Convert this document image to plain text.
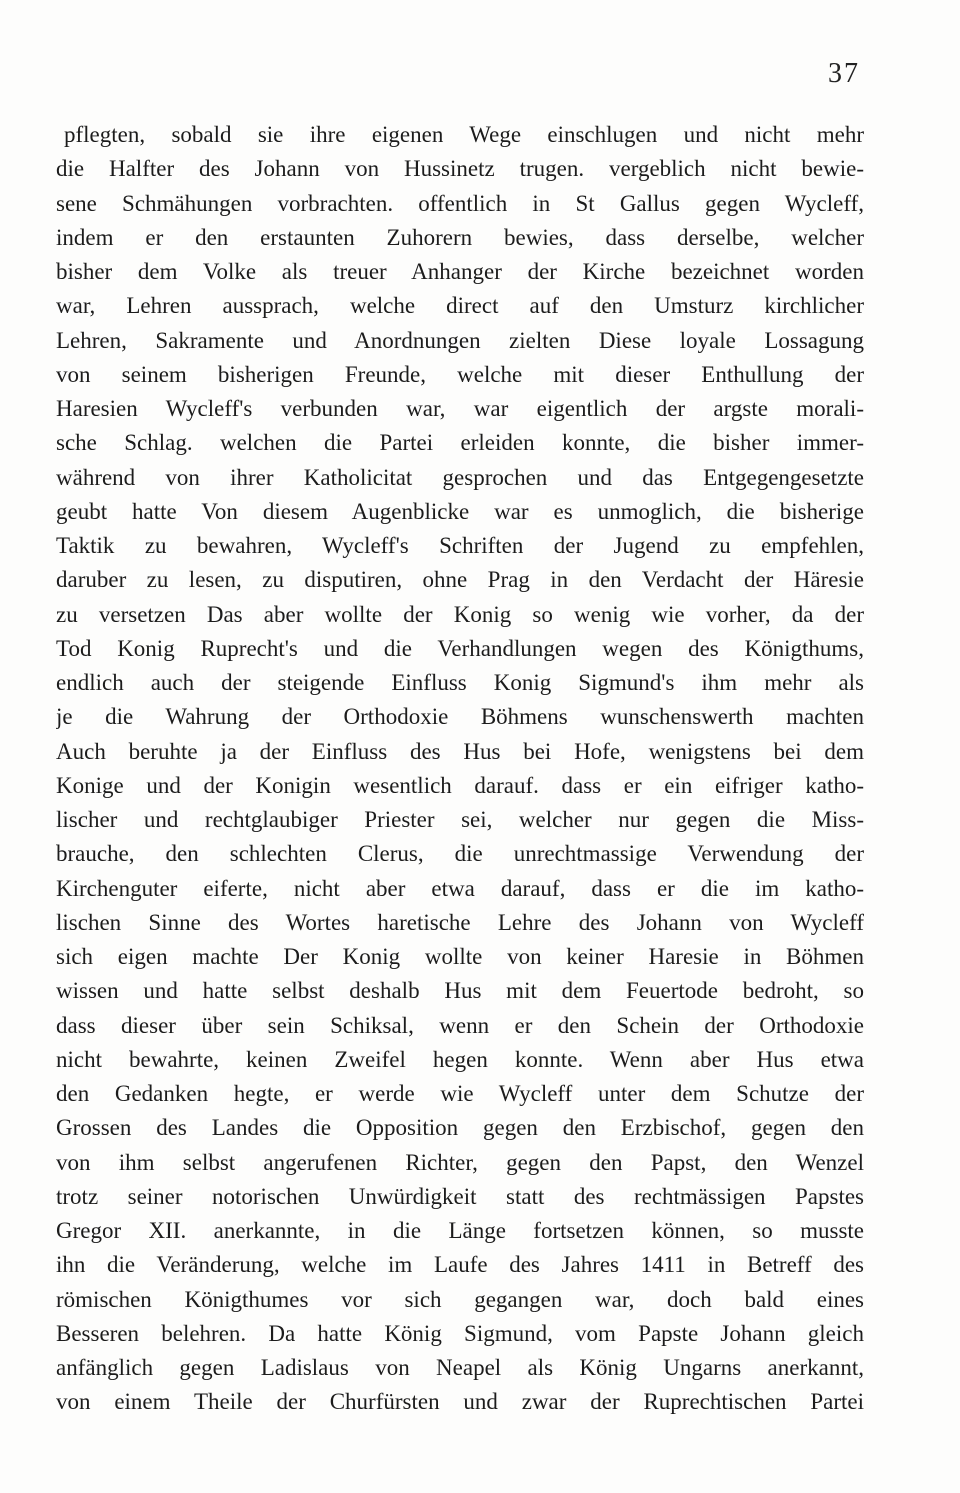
37
pflegten, sobald sie ihre eigenen Wege einschlugen und nicht mehr
die Halfter des Johann von Hussinetz trugen. vergeblich nicht bewie-
sene Schmähungen vorbrachten. offentlich in St Gallus gegen Wycleff,
indem er den erstaunten Zuhorern bewies, dass derselbe, welcher
bisher dem Volke als treuer Anhanger der Kirche bezeichnet worden
war, Lehren aussprach, welche direct auf den Umsturz kirchlicher
Lehren, Sakramente und Anordnungen zielten Diese loyale Lossagung
von seinem bisherigen Freunde, welche mit dieser Enthullung der
Haresien Wycleff's verbunden war, war eigentlich der argste morali-
sche Schlag. welchen die Partei erleiden konnte, die bisher immer-
während von ihrer Katholicitat gesprochen und das Entgegengesetzte
geubt hatte Von diesem Augenblicke war es unmoglich, die bisherige
Taktik zu bewahren, Wycleff's Schriften der Jugend zu empfehlen,
daruber zu lesen, zu disputiren, ohne Prag in den Verdacht der Häresie
zu versetzen Das aber wollte der Konig so wenig wie vorher, da der
Tod Konig Ruprecht's und die Verhandlungen wegen des Königthums,
endlich auch der steigende Einfluss Konig Sigmund's ihm mehr als
je die Wahrung der Orthodoxie Böhmens wunschenswerth machten
Auch beruhte ja der Einfluss des Hus bei Hofe, wenigstens bei dem
Konige und der Konigin wesentlich darauf. dass er ein eifriger katho-
lischer und rechtglaubiger Priester sei, welcher nur gegen die Miss-
brauche, den schlechten Clerus, die unrechtmassige Verwendung der
Kirchenguter eiferte, nicht aber etwa darauf, dass er die im katho-
lischen Sinne des Wortes haretische Lehre des Johann von Wycleff
sich eigen machte Der Konig wollte von keiner Haresie in Böhmen
wissen und hatte selbst deshalb Hus mit dem Feuertode bedroht, so
dass dieser über sein Schiksal, wenn er den Schein der Orthodoxie
nicht bewahrte, keinen Zweifel hegen konnte. Wenn aber Hus etwa
den Gedanken hegte, er werde wie Wycleff unter dem Schutze der
Grossen des Landes die Opposition gegen den Erzbischof, gegen den
von ihm selbst angerufenen Richter, gegen den Papst, den Wenzel
trotz seiner notorischen Unwürdigkeit statt des rechtmässigen Papstes
Gregor XII. anerkannte, in die Länge fortsetzen können, so musste
ihn die Veränderung, welche im Laufe des Jahres 1411 in Betreff des
römischen Königthumes vor sich gegangen war, doch bald eines
Besseren belehren. Da hatte König Sigmund, vom Papste Johann gleich
anfänglich gegen Ladislaus von Neapel als König Ungarns anerkannt,
von einem Theile der Churfürsten und zwar der Ruprechtischen Partei
